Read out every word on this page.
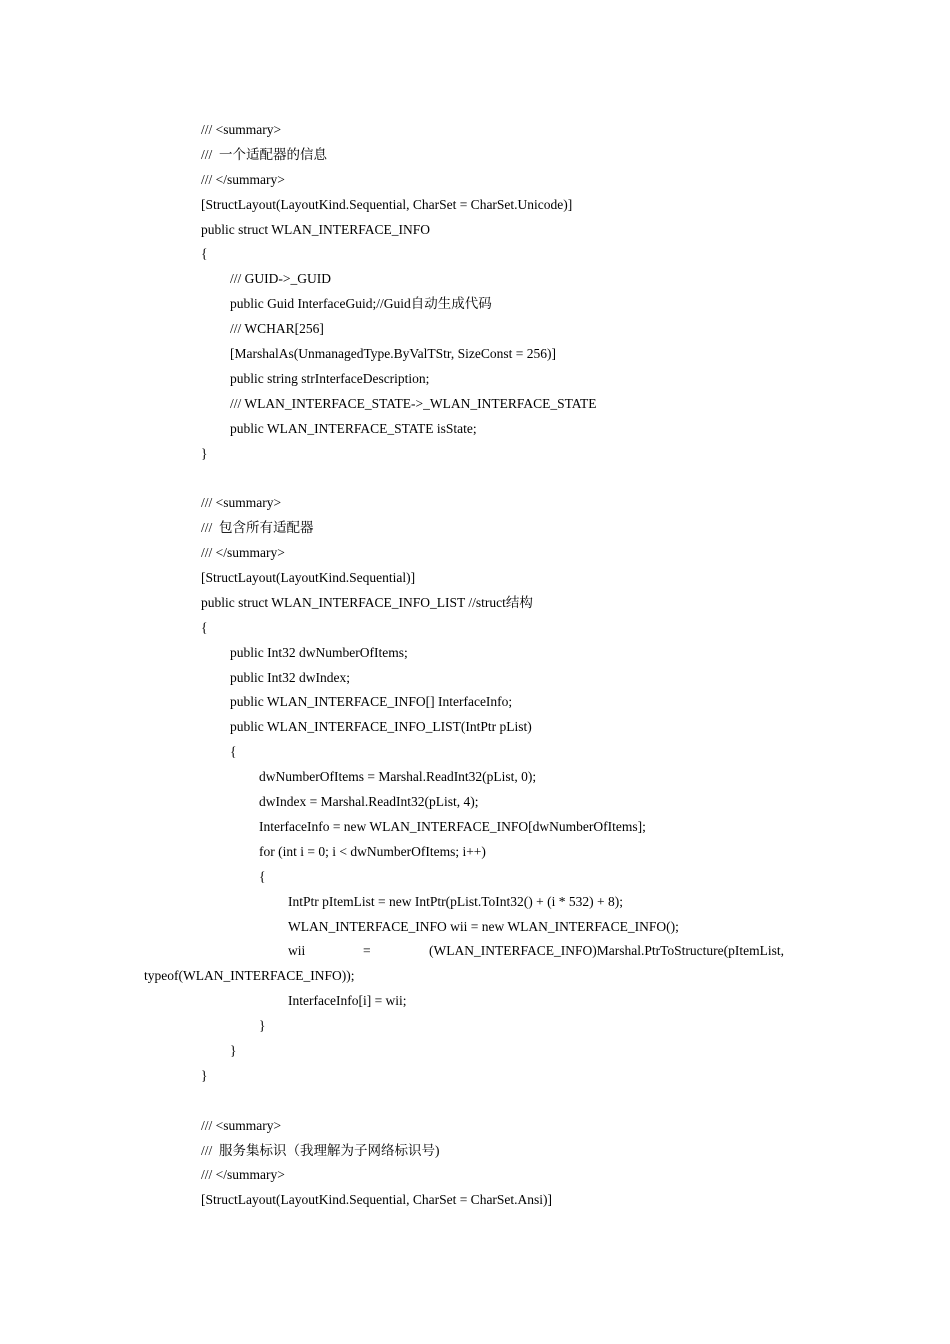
/// <summary>
///  一个适配器的信息
/// </summary>
[StructLayout(LayoutKind.Sequential, CharSet = CharSet.Unicode)]
public struct WLAN_INTERFACE_INFO
{
/// GUID->_GUID
public Guid InterfaceGuid;//Guid自动生成代码
/// WCHAR[256]
[MarshalAs(UnmanagedType.ByValTStr, SizeConst = 256)]
public string strInterfaceDescription;
/// WLAN_INTERFACE_STATE->_WLAN_INTERFACE_STATE
public WLAN_INTERFACE_STATE isState;
}
/// <summary>
///  包含所有适配器
/// </summary>
[StructLayout(LayoutKind.Sequential)]
public struct WLAN_INTERFACE_INFO_LIST //struct结构
{
public Int32 dwNumberOfItems;
public Int32 dwIndex;
public WLAN_INTERFACE_INFO[] InterfaceInfo;
public WLAN_INTERFACE_INFO_LIST(IntPtr pList)
{
dwNumberOfItems = Marshal.ReadInt32(pList, 0);
dwIndex = Marshal.ReadInt32(pList, 4);
InterfaceInfo = new WLAN_INTERFACE_INFO[dwNumberOfItems];
for (int i = 0; i < dwNumberOfItems; i++)
{
IntPtr pItemList = new IntPtr(pList.ToInt32() + (i * 532) + 8);
WLAN_INTERFACE_INFO wii = new WLAN_INTERFACE_INFO();
wii	=	(WLAN_INTERFACE_INFO)Marshal.PtrToStructure(pItemList,
typeof(WLAN_INTERFACE_INFO));
InterfaceInfo[i] = wii;
}
}
}
/// <summary>
///  服务集标识（我理解为子网络标识号)
/// </summary>
[StructLayout(LayoutKind.Sequential, CharSet = CharSet.Ansi)]
